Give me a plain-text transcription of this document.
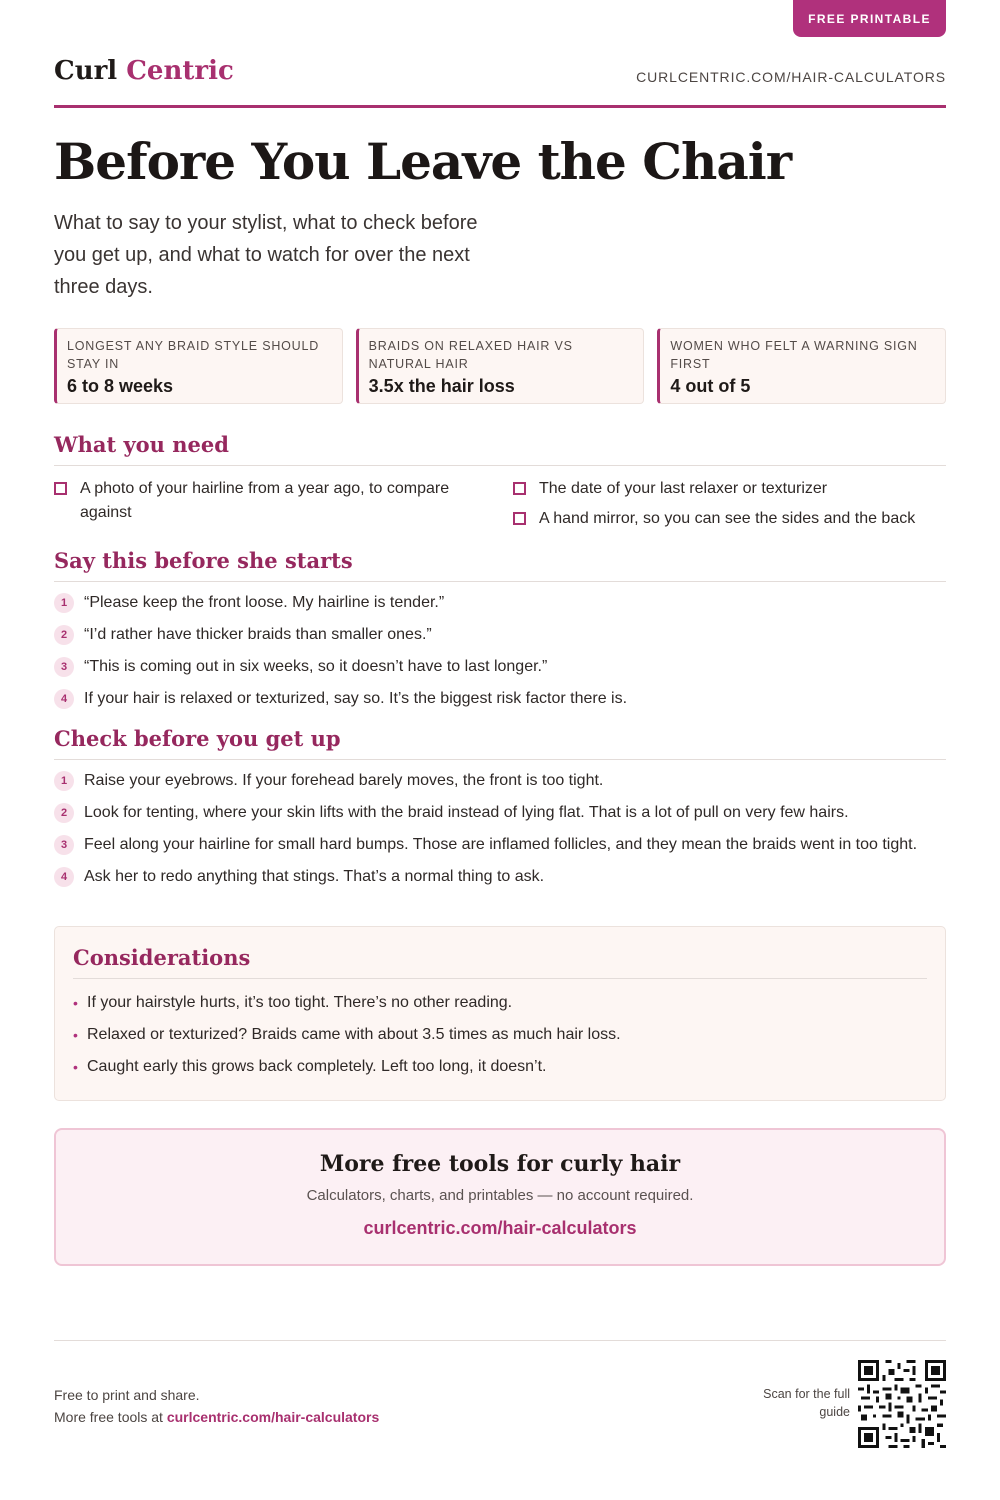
FREE PRINTABLE
Curl Centric	CURLCENTRIC.COM/HAIR-CALCULATORS
Before You Leave the Chair

What to say to your stylist, what to check before you get up, and what to watch for over the next three days.

LONGEST ANY BRAID STYLE SHOULD STAY IN
6 to 8 weeks
BRAIDS ON RELAXED HAIR VS NATURAL HAIR
3.5x the hair loss
WOMEN WHO FELT A WARNING SIGN FIRST
4 out of 5
What you need
A photo of your hairline from a year ago, to compare against
The date of your last relaxer or texturizer
A hand mirror, so you can see the sides and the back
Say this before she starts
1	“Please keep the front loose. My hairline is tender.”
2	“I’d rather have thicker braids than smaller ones.”
3	“This is coming out in six weeks, so it doesn’t have to last longer.”
4	If your hair is relaxed or texturized, say so. It’s the biggest risk factor there is.
Check before you get up
1	Raise your eyebrows. If your forehead barely moves, the front is too tight.
2	Look for tenting, where your skin lifts with the braid instead of lying flat. That is a lot of pull on very few hairs.
3	Feel along your hairline for small hard bumps. Those are inflamed follicles, and they mean the braids went in too tight.
4	Ask her to redo anything that stings. That’s a normal thing to ask.
Considerations
• If your hairstyle hurts, it’s too tight. There’s no other reading.
• Relaxed or texturized? Braids came with about 3.5 times as much hair loss.
• Caught early this grows back completely. Left too long, it doesn’t.
More free tools for curly hair
Calculators, charts, and printables — no account required.
curlcentric.com/hair-calculators
Free to print and share.
More free tools at curlcentric.com/hair-calculators
Scan for the full guide
